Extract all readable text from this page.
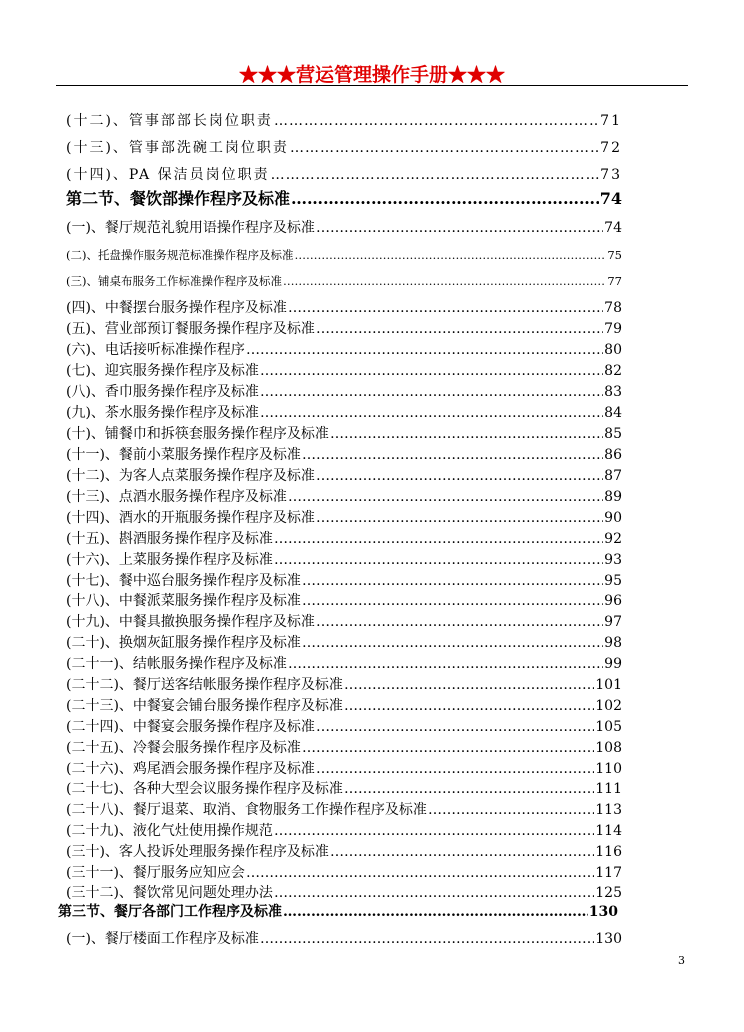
★★★营运管理操作手册★★★
(十二)、管事部部长岗位职责 ………………………………………………………………………………………………………………………………………………………………………………………………	71
(十三)、管事部洗碗工岗位职责 ………………………………………………………………………………………………………………………………………………………………………………………………	72
(十四)、PA 保洁员岗位职责 ………………………………………………………………………………………………………………………………………………………………………………………………	73
第二节、餐饮部操作程序及标准 ………………………………………………………………………………………………………………………………………………………………………………………………	74
(一)、餐厅规范礼貌用语操作程序及标准 ………………………………………………………………………………………………………………………………………………………………………………………………	74
(二)、托盘操作服务规范标准操作程序及标准 ………………………………………………………………………………………………………………………………………………………………………………………………	75
(三)、铺桌布服务工作标准操作程序及标准 ………………………………………………………………………………………………………………………………………………………………………………………………	77
(四)、中餐摆台服务操作程序及标准 ………………………………………………………………………………………………………………………………………………………………………………………………	78
(五)、营业部预订餐服务操作程序及标准 ………………………………………………………………………………………………………………………………………………………………………………………………	79
(六)、电话接听标准操作程序 ………………………………………………………………………………………………………………………………………………………………………………………………	80
(七)、迎宾服务操作程序及标准 ………………………………………………………………………………………………………………………………………………………………………………………………	82
(八)、香巾服务操作程序及标准 ………………………………………………………………………………………………………………………………………………………………………………………………	83
(九)、茶水服务操作程序及标准 ………………………………………………………………………………………………………………………………………………………………………………………………	84
(十)、铺餐巾和拆筷套服务操作程序及标准 ………………………………………………………………………………………………………………………………………………………………………………………………	85
(十一)、餐前小菜服务操作程序及标准 ………………………………………………………………………………………………………………………………………………………………………………………………	86
(十二)、为客人点菜服务操作程序及标准 ………………………………………………………………………………………………………………………………………………………………………………………………	87
(十三)、点酒水服务操作程序及标准 ………………………………………………………………………………………………………………………………………………………………………………………………	89
(十四)、酒水的开瓶服务操作程序及标准 ………………………………………………………………………………………………………………………………………………………………………………………………	90
(十五)、斟酒服务操作程序及标准 ………………………………………………………………………………………………………………………………………………………………………………………………	92
(十六)、上菜服务操作程序及标准 ………………………………………………………………………………………………………………………………………………………………………………………………	93
(十七)、餐中巡台服务操作程序及标准 ………………………………………………………………………………………………………………………………………………………………………………………………	95
(十八)、中餐派菜服务操作程序及标准 ………………………………………………………………………………………………………………………………………………………………………………………………	96
(十九)、中餐具撤换服务操作程序及标准 ………………………………………………………………………………………………………………………………………………………………………………………………	97
(二十)、换烟灰缸服务操作程序及标准 ………………………………………………………………………………………………………………………………………………………………………………………………	98
(二十一)、结帐服务操作程序及标准 ………………………………………………………………………………………………………………………………………………………………………………………………	99
(二十二)、餐厅送客结帐服务操作程序及标准 ………………………………………………………………………………………………………………………………………………………………………………………………	101
(二十三)、中餐宴会铺台服务操作程序及标准 ………………………………………………………………………………………………………………………………………………………………………………………………	102
(二十四)、中餐宴会服务操作程序及标准 ………………………………………………………………………………………………………………………………………………………………………………………………	105
(二十五)、冷餐会服务操作程序及标准 ………………………………………………………………………………………………………………………………………………………………………………………………	108
(二十六)、鸡尾酒会服务操作程序及标准 ………………………………………………………………………………………………………………………………………………………………………………………………	110
(二十七)、各种大型会议服务操作程序及标准 ………………………………………………………………………………………………………………………………………………………………………………………………	111
(二十八)、餐厅退菜、取消、食物服务工作操作程序及标准 ………………………………………………………………………………………………………………………………………………………………………………………………	113
(二十九)、液化气灶使用操作规范 ………………………………………………………………………………………………………………………………………………………………………………………………	114
(三十)、客人投诉处理服务操作程序及标准 ………………………………………………………………………………………………………………………………………………………………………………………………	116
(三十一)、餐厅服务应知应会 ………………………………………………………………………………………………………………………………………………………………………………………………	117
(三十二)、餐饮常见问题处理办法 ………………………………………………………………………………………………………………………………………………………………………………………………	125
第三节、餐厅各部门工作程序及标准 ………………………………………………………………………………………………………………………………………………………………………………………………	130
(一)、餐厅楼面工作程序及标准 ………………………………………………………………………………………………………………………………………………………………………………………………	130
3
